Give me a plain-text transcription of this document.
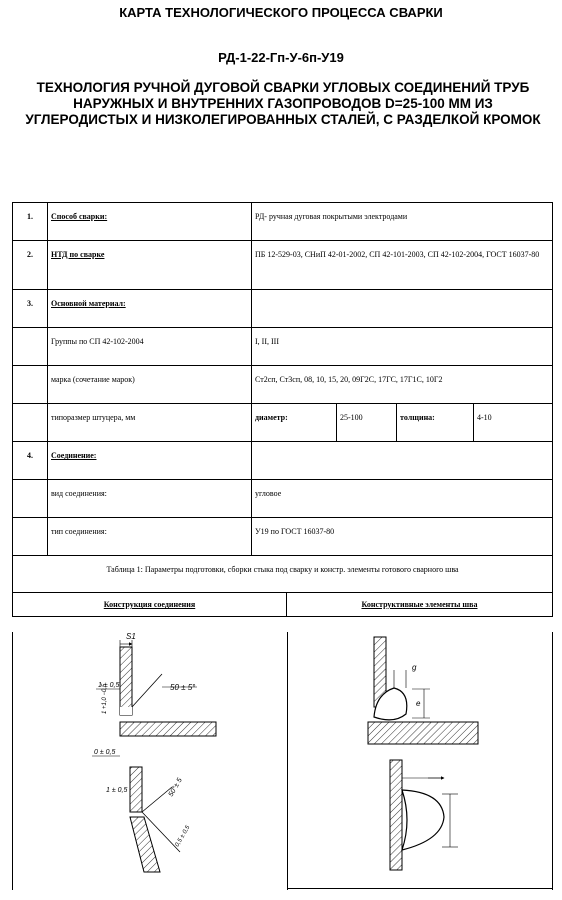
КАРТА ТЕХНОЛОГИЧЕСКОГО ПРОЦЕССА СВАРКИ
РД-1-22-Гп-У-6п-У19
ТЕХНОЛОГИЯ РУЧНОЙ ДУГОВОЙ СВАРКИ УГЛОВЫХ СОЕДИНЕНИЙ ТРУБ НАРУЖНЫХ И ВНУТРЕННИХ ГАЗОПРОВОДОВ D=25-100 ММ ИЗ УГЛЕРОДИСТЫХ И НИЗКОЛЕГИРОВАННЫХ СТАЛЕЙ, С РАЗДЕЛКОЙ КРОМОК
1.	Способ сварки:	РД- ручная дуговая покрытыми электродами			
2.	НТД по сварке	ПБ 12-529-03, СНиП 42-01-2002, СП 42-101-2003, СП 42-102-2004, ГОСТ 16037-80			
3.	Основной материал:				
	Группы по СП 42-102-2004	I, II, III			
	марка (сочетание марок)	Ст2сп, Ст3сп, 08, 10, 15, 20, 09Г2С, 17ГС, 17Г1С, 10Г2			
	типоразмер штуцера, мм	диаметр:	25-100	толщина:	4-10
4.	Соединение:				
	вид соединения:	угловое			
	тип соединения:	У19 по ГОСТ 16037-80			
Таблица 1: Параметры подготовки, сборки стыка под сварку и констр. элементы готового сварного шва					
Конструкция соединения	Конструктивные элементы шва
S1
50 ± 5°
1 ± 0,5
1 +1,0 −0,5
0 ± 0,5
1 ± 0,5	50°± 5
0,5 ± 0,5
g
e
